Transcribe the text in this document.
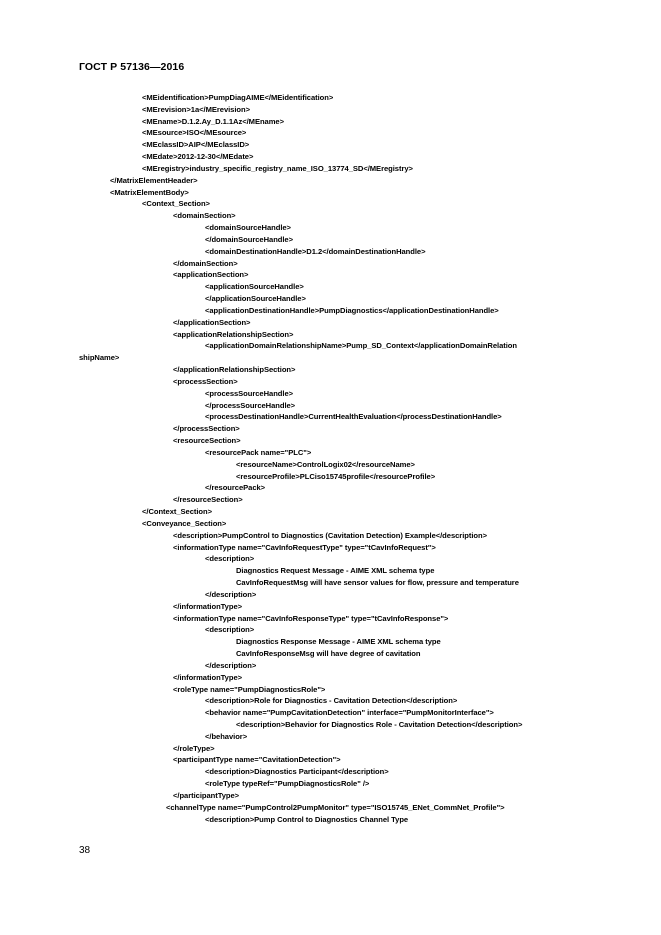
ГОСТ Р 57136—2016
<MEidentification>PumpDiagAIME</MEidentification>
<MErevision>1a</MErevision>
<MEname>D.1.2.Ay_D.1.1Az</MEname>
<MEsource>ISO</MEsource>
<MEclassID>AIP</MEclassID>
<MEdate>2012-12-30</MEdate>
<MEregistry>industry_specific_registry_name_ISO_13774_SD</MEregistry>
</MatrixElementHeader>
<MatrixElementBody>
<Context_Section>
<domainSection>
<domainSourceHandle>
</domainSourceHandle>
<domainDestinationHandle>D1.2</domainDestinationHandle>
</domainSection>
<applicationSection>
<applicationSourceHandle>
</applicationSourceHandle>
<applicationDestinationHandle>PumpDiagnostics</applicationDestinationHandle>
</applicationSection>
<applicationRelationshipSection>
<applicationDomainRelationshipName>Pump_SD_Context</applicationDomainRelation
shipName>
</applicationRelationshipSection>
<processSection>
<processSourceHandle>
</processSourceHandle>
<processDestinationHandle>CurrentHealthEvaluation</processDestinationHandle>
</processSection>
<resourceSection>
<resourcePack name="PLC">
<resourceName>ControlLogix02</resourceName>
<resourceProfile>PLCiso15745profile</resourceProfile>
</resourcePack>
</resourceSection>
</Context_Section>
<Conveyance_Section>
<description>PumpControl to Diagnostics (Cavitation Detection) Example</description>
<informationType name="CavInfoRequestType" type="tCavInfoRequest">
<description>
Diagnostics Request Message - AIME XML schema type
CavInfoRequestMsg will have sensor values for flow, pressure and temperature
</description>
</informationType>
<informationType name="CavInfoResponseType" type="tCavInfoResponse">
<description>
Diagnostics Response Message - AIME XML schema type
CavInfoResponseMsg will have degree of cavitation
</description>
</informationType>
<roleType name="PumpDiagnosticsRole">
<description>Role for Diagnostics - Cavitation Detection</description>
<behavior name="PumpCavitationDetection" interface="PumpMonitorInterface">
<description>Behavior for Diagnostics Role - Cavitation Detection</description>
</behavior>
</roleType>
<participantType name="CavitationDetection">
<description>Diagnostics Participant</description>
<roleType typeRef="PumpDiagnosticsRole" />
</participantType>
<channelType name="PumpControl2PumpMonitor" type="ISO15745_ENet_CommNet_Profile">
<description>Pump Control to Diagnostics Channel Type
38
